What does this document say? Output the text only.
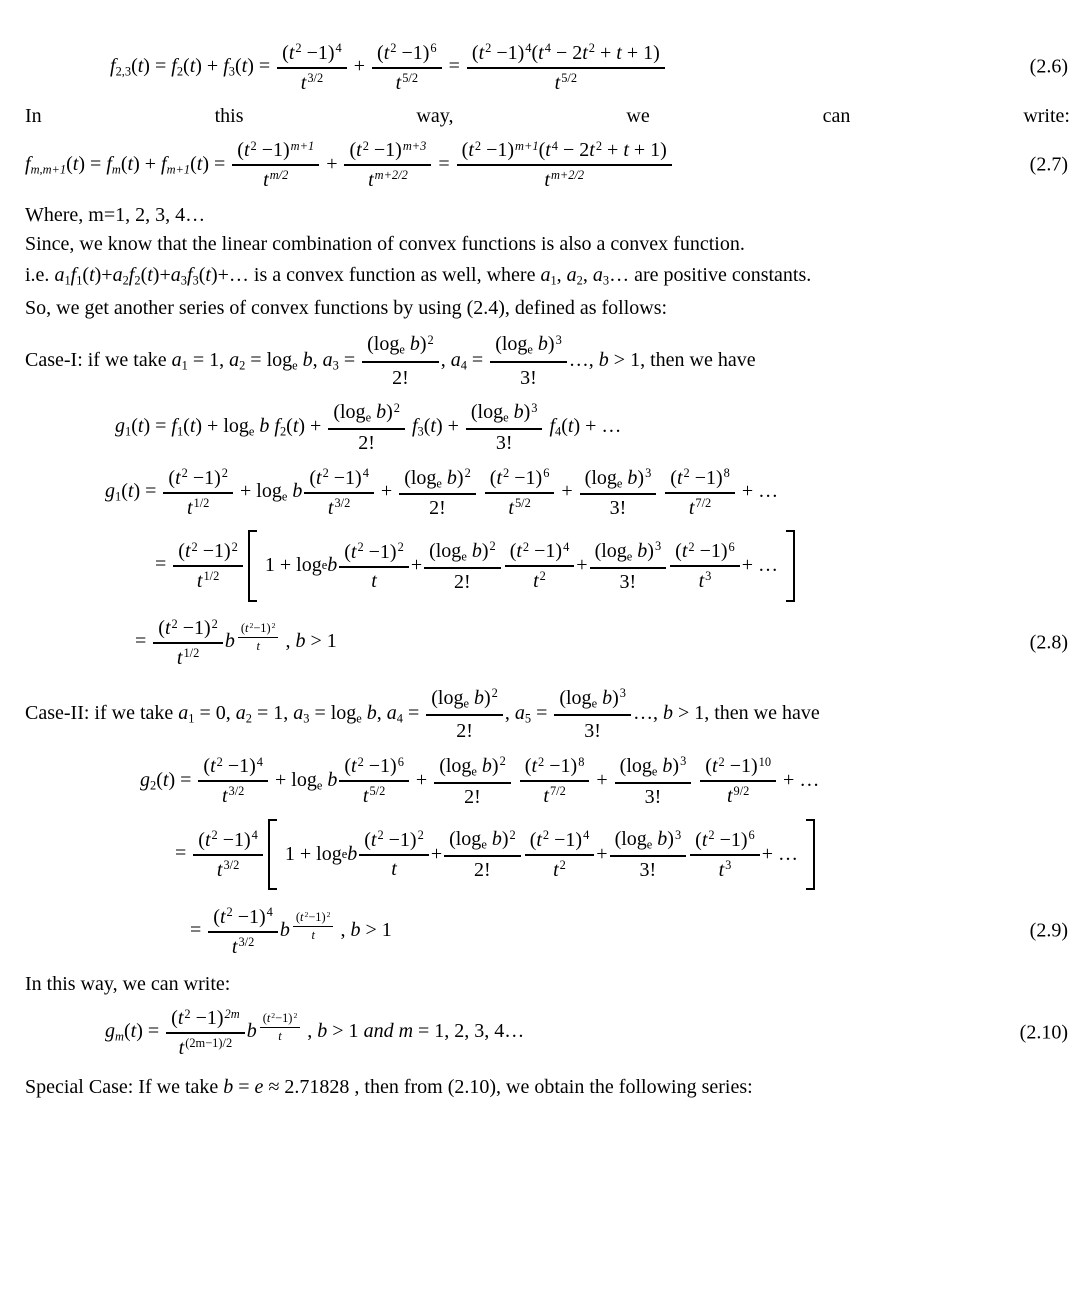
$f2,3(t) = f2(t) + f3(t) = \frac{(t^2 -1)^4}{t^{3/2}} + \frac{(t^2 -1)^6}{t^{5/2}} = \frac{(t^2 -1)^4(t^4 - 2t^2 + t + 1)}{t^{5/2}}$	(2.6)
In	this	way,	we	can	write:
$fm,m+1(t) = fm(t) + fm+1(t) = \frac{(t^2 -1)^{m+1}}{t^{m/2}} + \frac{(t^2 -1)^{m+3}}{t^{m+2/2}} = \frac{(t^2 -1)^{m+1}(t^4 - 2t^2 + t + 1)}{t^{m+2/2}}$	(2.7)
Where, m=1, 2, 3, 4…
Since, we know that the linear combination of convex functions is also a convex function.
i.e. a1f1(t)+a2f2(t)+a3f3(t)+… is a convex function as well, where a1, a2, a3… are positive constants.
So, we get another series of convex functions by using (2.4), defined as follows:
Case-I: if we take a1 = 1, a2 = loge b, $a3 = \frac{(\log e b)^2}{2!}$ , $a4 = \frac{(\log e b)^3}{3!}$ …, b > 1, then we have
g1(t) = f1(t) + loge b $f2(t) + \frac{(\log e b)^2}{2!} f3(t) + \frac{(\log e b)^3}{3!} f4(t)$ + …
$g1(t) = \frac{(t^2 -1)^2}{t^{1/2}} + \log e$ b $\frac{(t^2 -1)^4}{t^{3/2}} + \frac{(\log e b)^2}{2!}$
$\frac{(t^2 -1)^6}{t^{5/2}} + \frac{(\log e b)^3}{3!}$
$\frac{(t^2 -1)^8}{t^{7/2}}$ + …
= $\frac{(t^2 -1)^2}{t^{1/2}} 1 + \log e$ b $\frac{(t^2 -1)^2}{t} + \frac{(\log e b)^2}{2!} \frac{(t^2 -1)^4}{t^2} + \frac{(\log e b)^3}{3!} \frac{(t^2 -1)^6}{t^3}$ + …
= $\frac{(t^2 -1)^2}{t^{1/2}}$ b $^{\frac{(t^2-1)^2}{t}}$ , b > 1	(2.8)
Case-II: if we take a1 = 0, a2 = 1, a3 = loge b, $a4 = \frac{(\log e b)^2}{2!}$ , $a5 = \frac{(\log e b)^3}{3!}$ …, b > 1, then we have
$g2(t) = \frac{(t^2 -1)^4}{t^{3/2}} + \log e$ b $\frac{(t^2 -1)^6}{t^{5/2}} + \frac{(\log e b)^2}{2!}$
$\frac{(t^2 -1)^8}{t^{7/2}} + \frac{(\log e b)^3}{3!}$
$\frac{(t^2 -1)^{10}}{t^{9/2}}$ + …
= $\frac{(t^2 -1)^4}{t^{3/2}} 1 + \log e$ b $\frac{(t^2 -1)^2}{t} + \frac{(\log e b)^2}{2!} \frac{(t^2 -1)^4}{t^2} + \frac{(\log e b)^3}{3!} \frac{(t^2 -1)^6}{t^3}$ + …
= $\frac{(t^2 -1)^4}{t^{3/2}}$ b $^{\frac{(t^2-1)^2}{t}}$ , b > 1	(2.9)
In this way, we can write:
$gm(t) = \frac{(t^2 -1)^{2m}}{t^{(2m-1)/2}}$ b $^{\frac{(t^2-1)^2}{t}}$ , b > 1 and m = 1, 2, 3, 4…	(2.10)
Special Case: If we take b = e ≈ 2.71828 , then from (2.10), we obtain the following series:
